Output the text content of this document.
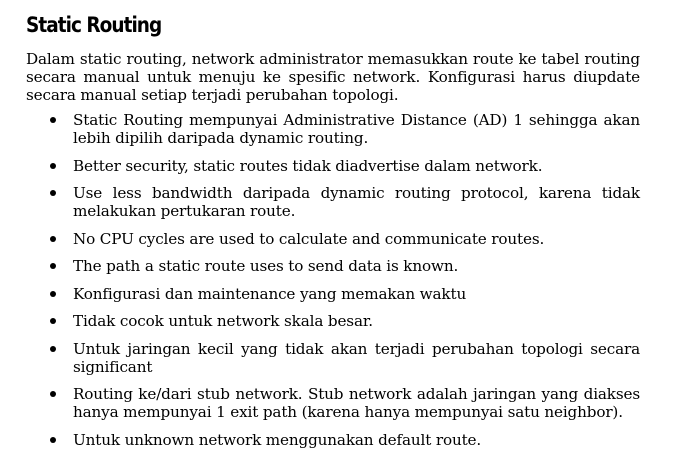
Static Routing

Dalam static routing, network administrator memasukkan route ke tabel routing secara manual untuk menuju ke spesific network. Konfigurasi harus diupdate secara manual setiap terjadi perubahan topologi.

Static Routing mempunyai Administrative Distance (AD) 1 sehingga akan lebih dipilih daripada dynamic routing.
Better security, static routes tidak diadvertise dalam network.
Use less bandwidth daripada dynamic routing protocol, karena tidak melakukan pertukaran route.
No CPU cycles are used to calculate and communicate routes.
The path a static route uses to send data is known.
Konfigurasi dan maintenance yang memakan waktu
Tidak cocok untuk network skala besar.
Untuk jaringan kecil yang tidak akan terjadi perubahan topologi secara significant
Routing ke/dari stub network. Stub network adalah jaringan yang diakses hanya mempunyai 1 exit path (karena hanya mempunyai satu neighbor).
Untuk unknown network menggunakan default route.
